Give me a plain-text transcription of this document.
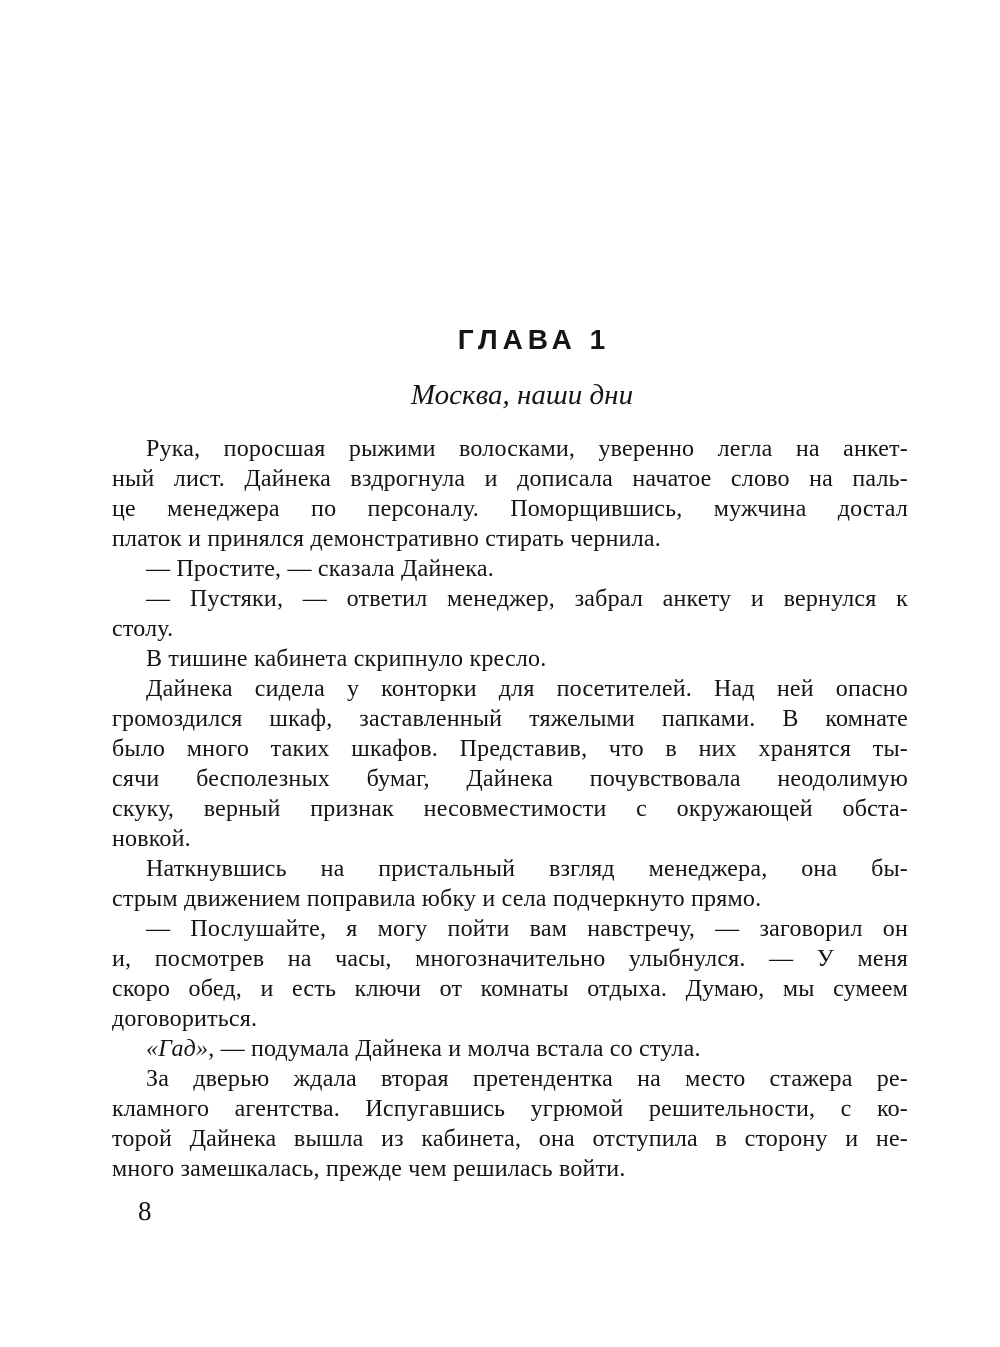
ГЛАВА 1
Москва, наши дни
Рука, поросшая рыжими волосками, уверенно легла на анкет-
ный лист. Дайнека вздрогнула и дописала начатое слово на паль-
це менеджера по персоналу. Поморщившись, мужчина достал
платок и принялся демонстративно стирать чернила.
— Простите, — сказала Дайнека.
— Пустяки, — ответил менеджер, забрал анкету и вернулся к
столу.
В тишине кабинета скрипнуло кресло.
Дайнека сидела у конторки для посетителей. Над ней опасно
громоздился шкаф, заставленный тяжелыми папками. В комнате
было много таких шкафов. Представив, что в них хранятся ты-
сячи бесполезных бумаг, Дайнека почувствовала неодолимую
скуку, верный признак несовместимости с окружающей обста-
новкой.
Наткнувшись на пристальный взгляд менеджера, она бы-
стрым движением поправила юбку и села подчеркнуто прямо.
— Послушайте, я могу пойти вам навстречу, — заговорил он
и, посмотрев на часы, многозначительно улыбнулся. — У меня
скоро обед, и есть ключи от комнаты отдыха. Думаю, мы сумеем
договориться.
«Гад», — подумала Дайнека и молча встала со стула.
За дверью ждала вторая претендентка на место стажера ре-
кламного агентства. Испугавшись угрюмой решительности, с ко-
торой Дайнека вышла из кабинета, она отступила в сторону и не-
много замешкалась, прежде чем решилась войти.
8
